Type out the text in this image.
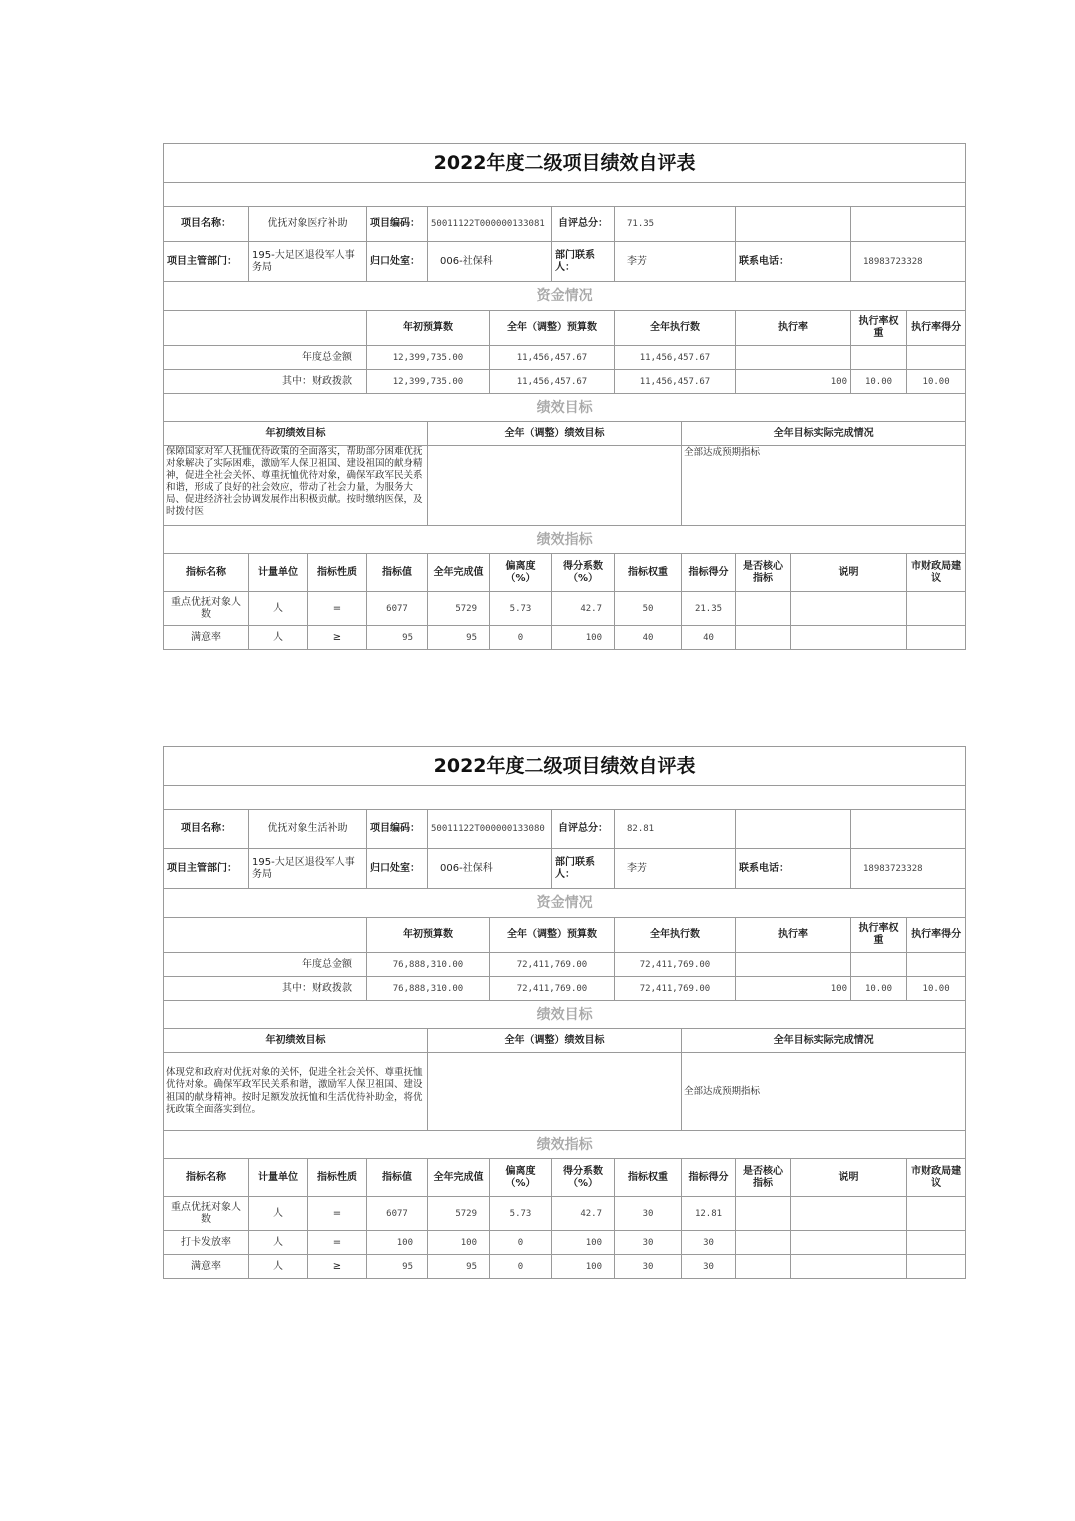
2022年度二级项目绩效自评表												

项目名称：	优抚对象医疗补助		项目编码：	50011122T000000133081		自评总分：	71.35					
项目主管部门：	195-大足区退役军人事务局		归口处室：	006-社保科		部门联系人：	李芳		联系电话：		18983723328	
资金情况												
			年初预算数		全年（调整）预算数		全年执行数		执行率		执行率权重	执行率得分
年度总金额			12,399,735.00		11,456,457.67		11,456,457.67					
其中：财政拨款			12,399,735.00		11,456,457.67		11,456,457.67		100		10.00	10.00
绩效目标												
年初绩效目标				全年（调整）绩效目标				全年目标实际完成情况				

保障国家对军人抚恤优待政策的全面落实，帮助部分困难优抚对象解决了实际困难，激励军人保卫祖国、建设祖国的献身精神，促进全社会关怀、尊重抚恤优待对象，确保军政军民关系和谐，形成了良好的社会效应，带动了社会力量，为服务大局、促进经济社会协调发展作出积极贡献。按时缴纳医保，及时拨付医								全部达成预期指标				
绩效指标												
指标名称	计量单位	指标性质	指标值	全年完成值	偏离度（%）	得分系数（%）	指标权重	指标得分	是否核心指标	说明		市财政局建议
重点优抚对象人数	人	=	6077	5729	5.73	42.7	50	21.35				
满意率	人	≥	95	95	0	100	40	40				
2022年度二级项目绩效自评表												

项目名称：	优抚对象生活补助		项目编码：	50011122T000000133080		自评总分：	82.81					
项目主管部门：	195-大足区退役军人事务局		归口处室：	006-社保科		部门联系人：	李芳		联系电话：		18983723328	
资金情况												
			年初预算数		全年（调整）预算数		全年执行数		执行率		执行率权重	执行率得分
年度总金额			76,888,310.00		72,411,769.00		72,411,769.00					
其中：财政拨款			76,888,310.00		72,411,769.00		72,411,769.00		100		10.00	10.00
绩效目标												
年初绩效目标				全年（调整）绩效目标				全年目标实际完成情况				
体现党和政府对优抚对象的关怀，促进全社会关怀、尊重抚恤优待对象。确保军政军民关系和谐，激励军人保卫祖国、建设祖国的献身精神。按时足额发放抚恤和生活优待补助金，将优抚政策全面落实到位。								全部达成预期指标				
绩效指标												
指标名称	计量单位	指标性质	指标值	全年完成值	偏离度（%）	得分系数（%）	指标权重	指标得分	是否核心指标	说明		市财政局建议
重点优抚对象人数	人	=	6077	5729	5.73	42.7	30	12.81				
打卡发放率	人	=	100	100	0	100	30	30				
满意率	人	≥	95	95	0	100	30	30				
